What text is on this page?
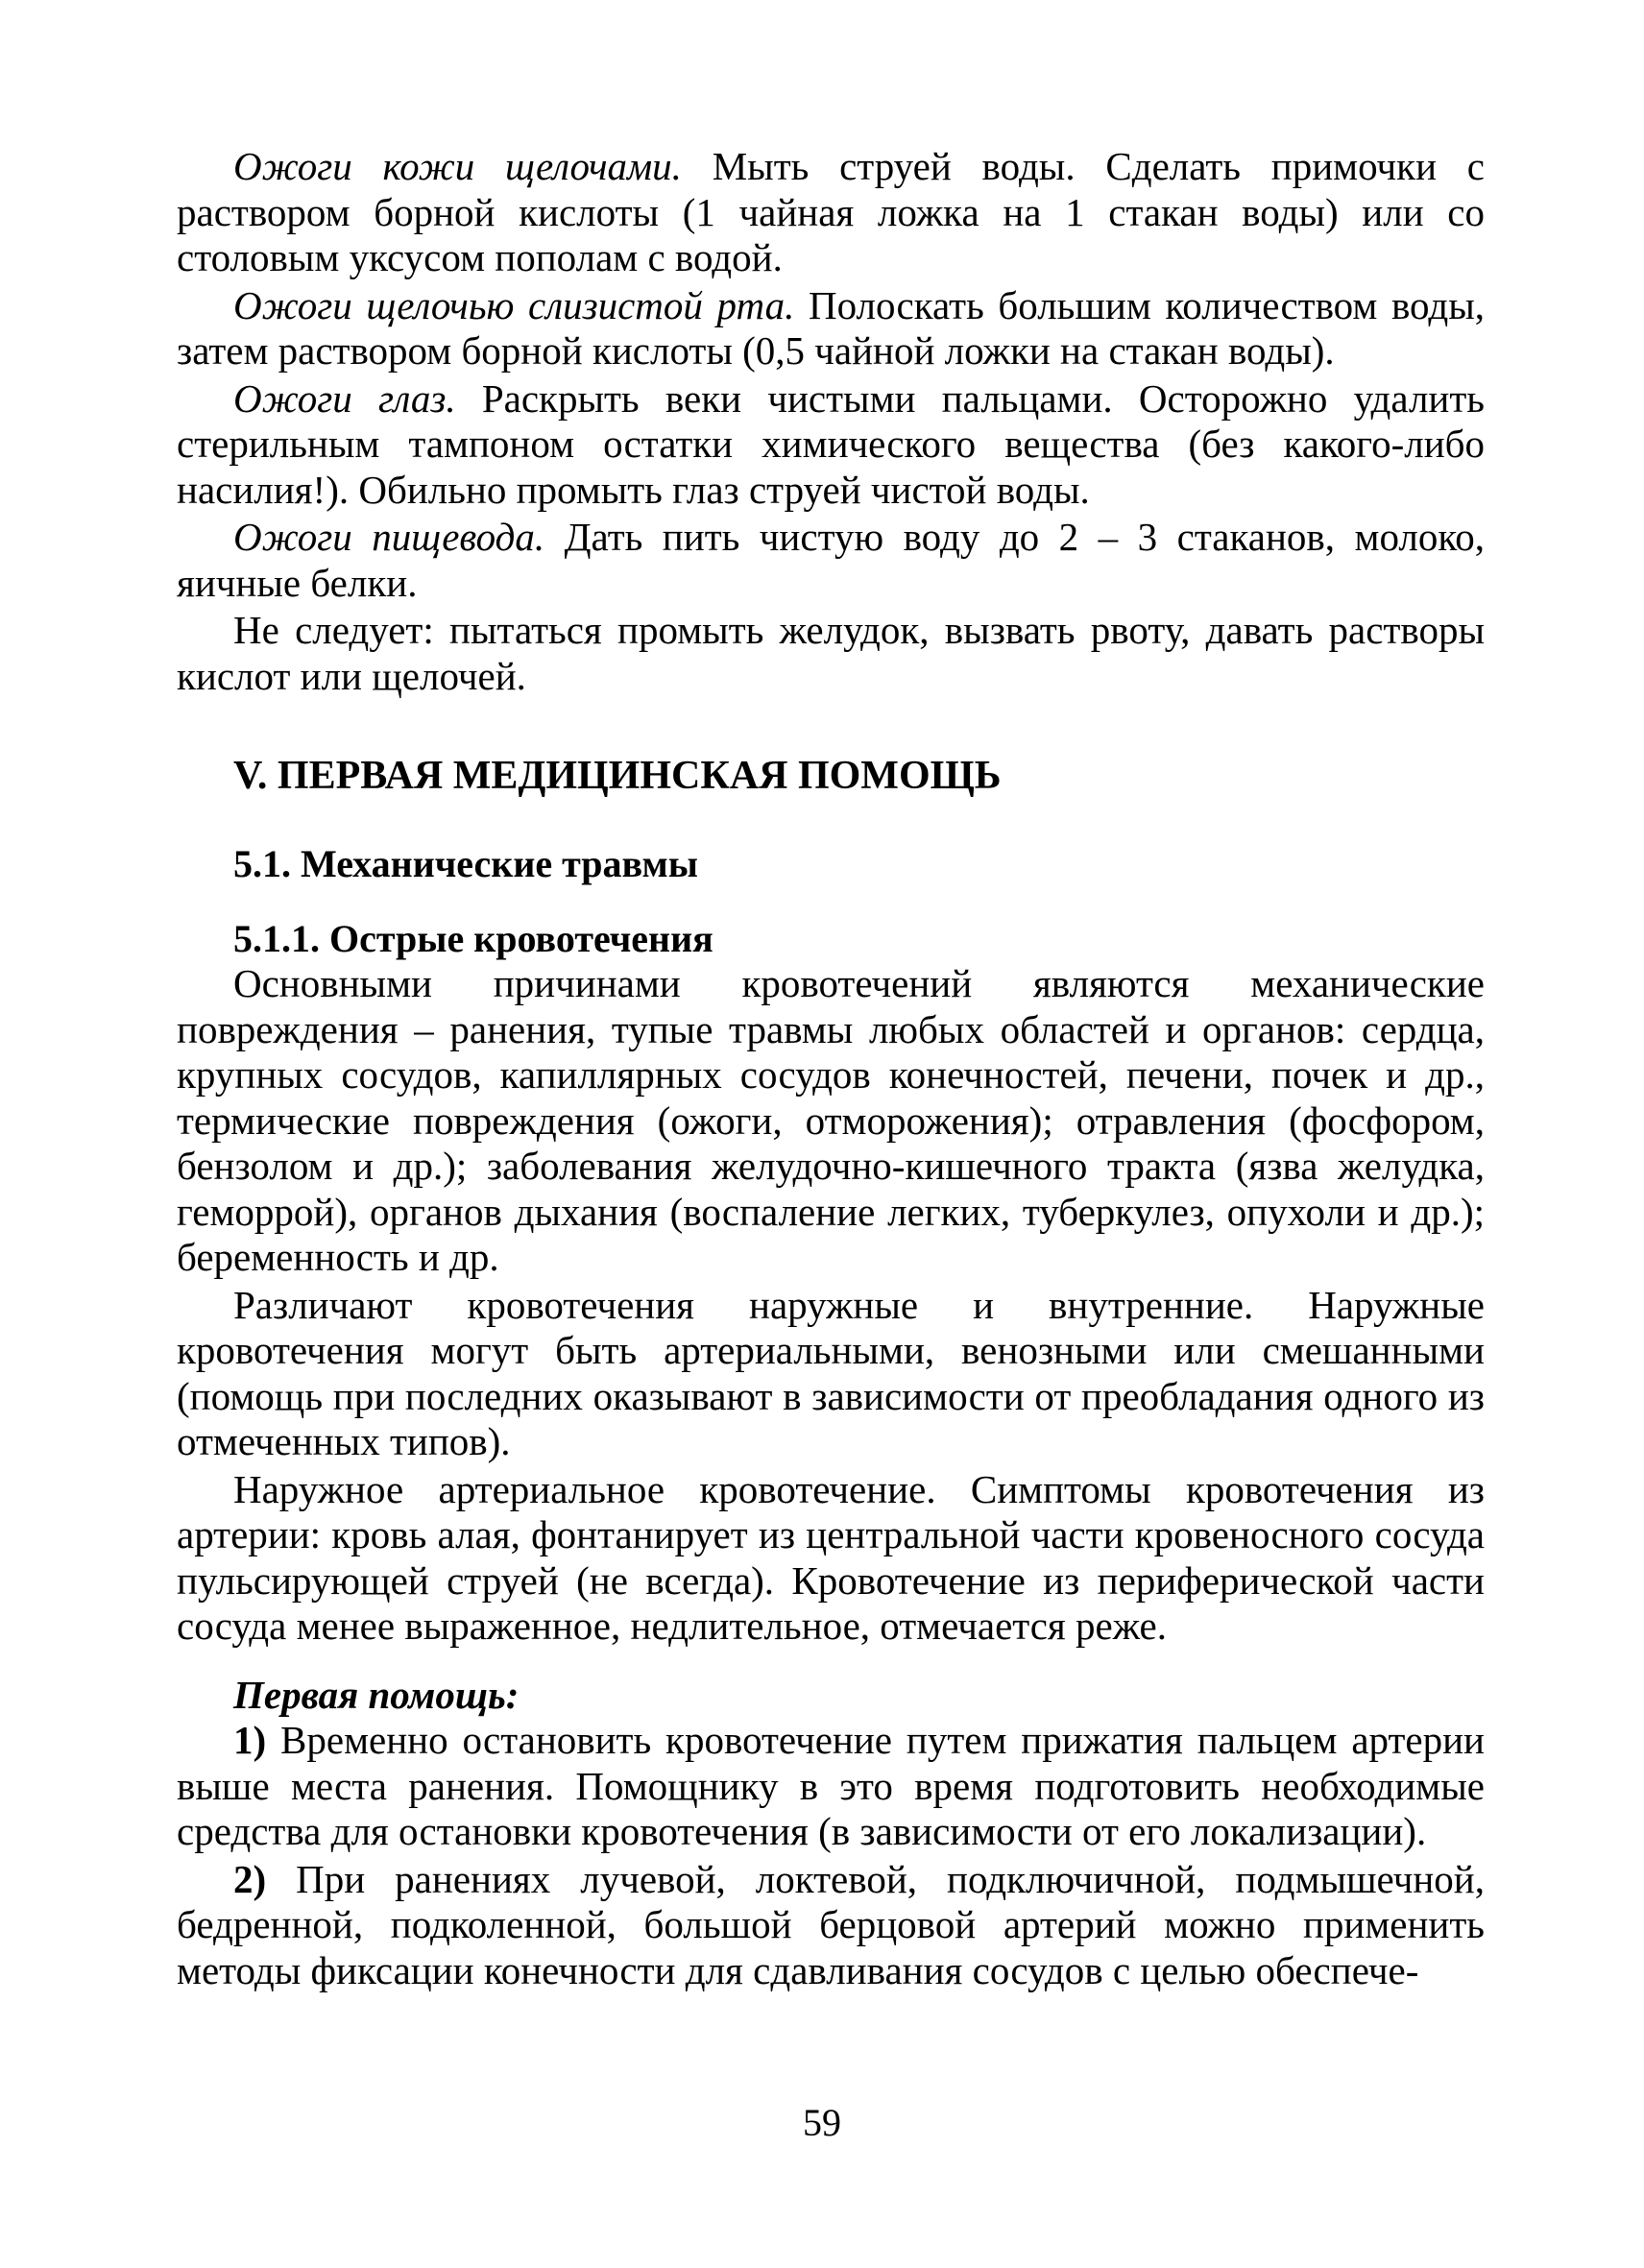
Ожоги кожи щелочами. Мыть струей воды. Сделать примочки с раствором борной кислоты (1 чайная ложка на 1 стакан воды) или со столовым уксусом пополам с водой.

Ожоги щелочью слизистой рта. Полоскать большим количеством воды, затем раствором борной кислоты (0,5 чайной ложки на стакан воды).

Ожоги глаз. Раскрыть веки чистыми пальцами. Осторожно удалить стерильным тампоном остатки химического вещества (без какого-либо насилия!). Обильно промыть глаз струей чистой воды.

Ожоги пищевода. Дать пить чистую воду до 2 – 3 стаканов, молоко, яичные белки.

Не следует: пытаться промыть желудок, вызвать рвоту, давать растворы кислот или щелочей.

V. ПЕРВАЯ МЕДИЦИНСКАЯ ПОМОЩЬ
5.1. Механические травмы
5.1.1. Острые кровотечения

Основными причинами кровотечений являются механические повреждения – ранения, тупые травмы любых областей и органов: сердца, крупных сосудов, капиллярных сосудов конечностей, печени, почек и др., термические повреждения (ожоги, отморожения); отравления (фосфором, бензолом и др.); заболевания желудочно-кишечного тракта (язва желудка, геморрой), органов дыхания (воспаление легких, туберкулез, опухоли и др.); беременность и др.

Различают кровотечения наружные и внутренние. Наружные кровотечения могут быть артериальными, венозными или смешанными (помощь при последних оказывают в зависимости от преобладания одного из отмеченных типов).

Наружное артериальное кровотечение. Симптомы кровотечения из артерии: кровь алая, фонтанирует из центральной части кровеносного сосуда пульсирующей струей (не всегда). Кровотечение из периферической части сосуда менее выраженное, недлительное, отмечается реже.

Первая помощь:

1) Временно остановить кровотечение путем прижатия пальцем артерии выше места ранения. Помощнику в это время подготовить необходимые средства для остановки кровотечения (в зависимости от его локализации).

2) При ранениях лучевой, локтевой, подключичной, подмышечной, бедренной, подколенной, большой берцовой артерий можно применить методы фиксации конечности для сдавливания сосудов с целью обеспече-

59
